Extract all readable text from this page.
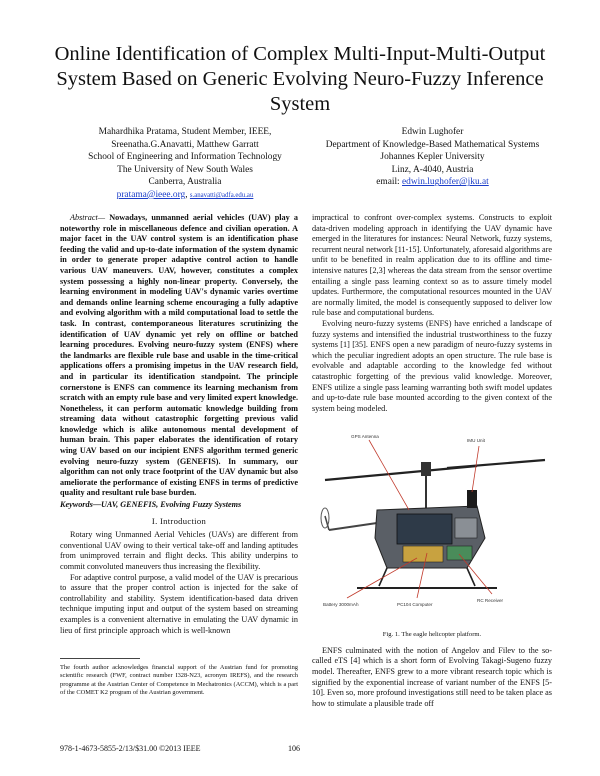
Online Identification of Complex Multi-Input-Multi-Output System Based on Generic Evolving Neuro-Fuzzy Inference System
Mahardhika Pratama, Student Member, IEEE,
Sreenatha.G.Anavatti, Matthew Garratt
School of Engineering and Information Technology
The University of New South Wales
Canberra, Australia
pratama@ieee.org, s.anavatti@adfa.edu.au
Edwin Lughofer
Department of Knowledge-Based Mathematical Systems
Johannes Kepler University
Linz, A-4040, Austria
email: edwin.lughofer@jku.at

Abstract— Nowadays, unmanned aerial vehicles (UAV) play a noteworthy role in miscellaneous defence and civilian operation. A major facet in the UAV control system is an identification phase feeding the valid and up-to-date information of the system dynamic in order to generate proper adaptive control action to handle various UAV maneuvers. UAV, however, constitutes a complex system possessing a highly non-linear property. Conversely, the learning environment in modeling UAV's dynamic varies overtime and demands online learning scheme encouraging a fully adaptive and evolving algorithm with a mild computational load to settle the task. In contrast, contemporaneous literatures scrutinizing the identification of UAV dynamic yet rely on offline or batched learning procedures. Evolving neuro-fuzzy system (ENFS) where the landmarks are flexible rule base and usable in the time-critical applications offers a promising impetus in the UAV research field, and in particular its identification standpoint. The principle cornerstone is ENFS can commence its learning mechanism from scratch with an empty rule base and very limited expert knowledge. Nonetheless, it can perform automatic knowledge building from streaming data without catastrophic forgetting previous valid knowledge which is alike autonomous mental development of human brain. This paper elaborates the identification of rotary wing UAV based on our incipient ENFS algorithm termed generic evolving neuro-fuzzy system (GENEFIS). In summary, our algorithm can not only trace footprint of the UAV dynamic but also ameliorate the performance of existing ENFS in terms of predictive quality and resultant rule base burden.

Keywords—UAV, GENEFIS, Evolving Fuzzy Systems

I. Introduction

Rotary wing Unmanned Aerial Vehicles (UAVs) are different from conventional UAV owing to their vertical take-off and landing aptitudes from unimproved terrain and flight decks. This ability underpins to commit convoluted maneuvers thus increasing the flexibility.

For adaptive control purpose, a valid model of the UAV is precarious to assure that the proper control action is injected for the sake of controllability and stability. System identification-based data driven technique imputing input and output of the system based on streaming examples is a convenient alternative in emulating the UAV dynamic in lieu of first principle approach which is well-known

The fourth author acknowledges financial support of the Austrian fund for promoting scientific research (FWF, contract number I328-N23, acronym IREFS), and the research programme at the Austrian Center of Competence in Mechatronics (ACCM), which is a part of the COMET K2 program of the Austrian government.

impractical to confront over-complex systems. Constructs to exploit data-driven modeling approach in identifying the UAV dynamic have emerged in the literatures for instances: Neural Network, fuzzy systems, recurrent neural network [11-15]. Unfortunately, aforesaid algorithms are unfit to be benefited in realm application due to its offline and time-intensive natures [2,3] whereas the data stream from the sensor overtime entailing a single pass learning context so as to assure timely model updates. Furthermore, the computational resources mounted in the UAV are normally limited, the model is consequently supposed to deliver low rule base and computational burdens.

Evolving neuro-fuzzy systems (ENFS) have enriched a landscape of fuzzy systems and intensified the industrial trustworthiness to the fuzzy systems [1] [35]. ENFS open a new paradigm of neuro-fuzzy systems in which the peculiar ingredient adopts an open structure. The rule base is evolvable and adaptable according to the knowledge fed without catastrophic forgetting of the previous valid knowledge. Moreover, ENFS utilize a single pass learning warranting both swift model updates and up-to-date rule base mounted according to the given context of the system being modeled.

GPS Antenna
IMU Unit
Battery 3000mAh	PC104 Computer
RC Receiver
Fig. 1. The eagle helicopter platform.

ENFS culminated with the notion of Angelov and Filev to the so-called eTS [4] which is a short form of Evolving Takagi-Sugeno fuzzy model. Thereafter, ENFS grew to a more vibrant research topic which is signified by the exponential increase of variant number of the ENFS [5-10]. Even so, more profound investigations still need to be taken place as how to stimulate a plausible trade off

978-1-4673-5855-2/13/$31.00 ©2013 IEEE	106
